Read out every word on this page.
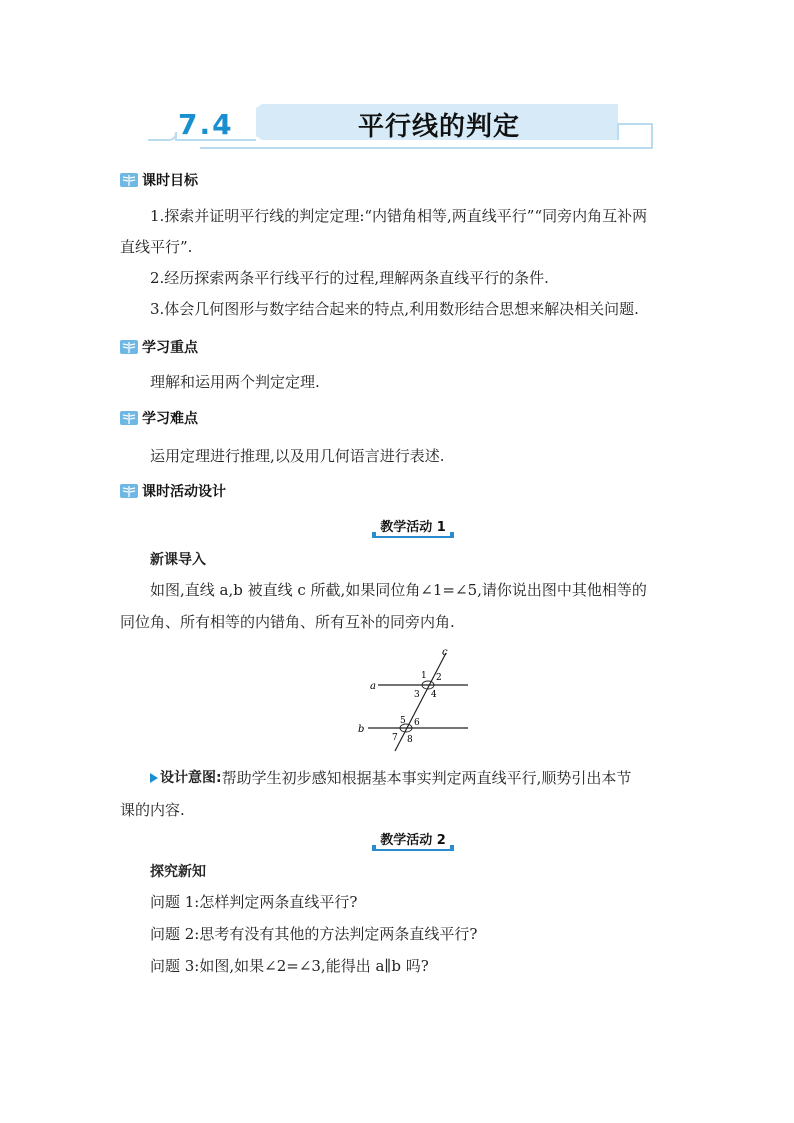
7.4	平行线的判定
课时目标
1.探索并证明平行线的判定定理:“内错角相等,两直线平行”“同旁内角互补两
直线平行”.
2.经历探索两条平行线平行的过程,理解两条直线平行的条件.
3.体会几何图形与数字结合起来的特点,利用数形结合思想来解决相关问题.
学习重点
理解和运用两个判定定理.
学习难点
运用定理进行推理,以及用几何语言进行表述.
课时活动设计
教学活动 1
新课导入
如图,直线 a,b 被直线 c 所截,如果同位角∠1=∠5,请你说出图中其他相等的
同位角、所有相等的内错角、所有互补的同旁内角.
a
b
c
1 2
3 4
5 6
7 8
设计意图: 帮助学生初步感知根据基本事实判定两直线平行,顺势引出本节
课的内容.
教学活动 2
探究新知
问题 1:怎样判定两条直线平行?
问题 2:思考有没有其他的方法判定两条直线平行?
问题 3:如图,如果∠2=∠3,能得出 a∥b 吗?
